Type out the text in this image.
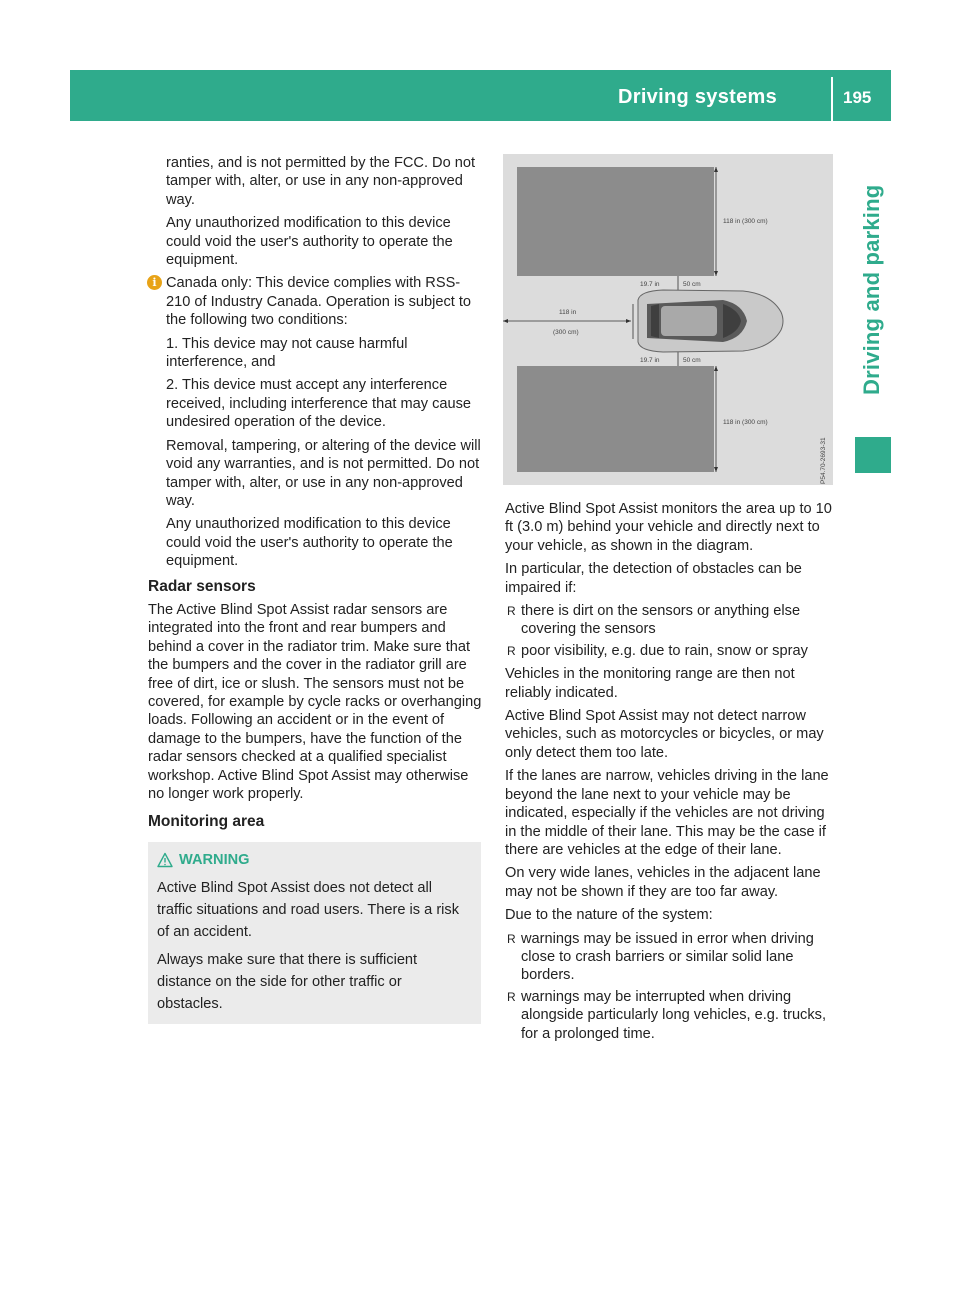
Driving systems	195
Driving and parking

ranties, and is not permitted by the FCC. Do not tamper with, alter, or use in any non-approved way.

Any unauthorized modification to this device could void the user's authority to operate the equipment.

i Canada only: This device complies with RSS-210 of Industry Canada. Operation is subject to the following two conditions:

1. This device may not cause harmful interference, and

2. This device must accept any interference received, including interference that may cause undesired operation of the device.

Removal, tampering, or altering of the device will void any warranties, and is not permitted. Do not tamper with, alter, or use in any non-approved way.

Any unauthorized modification to this device could void the user's authority to operate the equipment.

Radar sensors

The Active Blind Spot Assist radar sensors are integrated into the front and rear bumpers and behind a cover in the radiator trim. Make sure that the bumpers and the cover in the radiator grill are free of dirt, ice or slush. The sensors must not be covered, for example by cycle racks or overhanging loads. Following an accident or in the event of damage to the bumpers, have the function of the radar sensors checked at a qualified specialist workshop. Active Blind Spot Assist may otherwise no longer work properly.

Monitoring area
WARNING

Active Blind Spot Assist does not detect all traffic situations and road users. There is a risk of an accident.

Always make sure that there is sufficient distance on the side for other traffic or obstacles.

118 in (300 cm)
118 in (300 cm)
19.7 in	50 cm
19.7 in	50 cm
118 in
(300 cm)
P54.70-2693-31

Active Blind Spot Assist monitors the area up to 10 ft (3.0 m) behind your vehicle and directly next to your vehicle, as shown in the diagram.

In particular, the detection of obstacles can be impaired if:

R there is dirt on the sensors or anything else covering the sensors
R poor visibility, e.g. due to rain, snow or spray

Vehicles in the monitoring range are then not reliably indicated.

Active Blind Spot Assist may not detect narrow vehicles, such as motorcycles or bicycles, or may only detect them too late.

If the lanes are narrow, vehicles driving in the lane beyond the lane next to your vehicle may be indicated, especially if the vehicles are not driving in the middle of their lane. This may be the case if there are vehicles at the edge of their lane.

On very wide lanes, vehicles in the adjacent lane may not be shown if they are too far away.

Due to the nature of the system:

R warnings may be issued in error when driving close to crash barriers or similar solid lane borders.
R warnings may be interrupted when driving alongside particularly long vehicles, e.g. trucks, for a prolonged time.
